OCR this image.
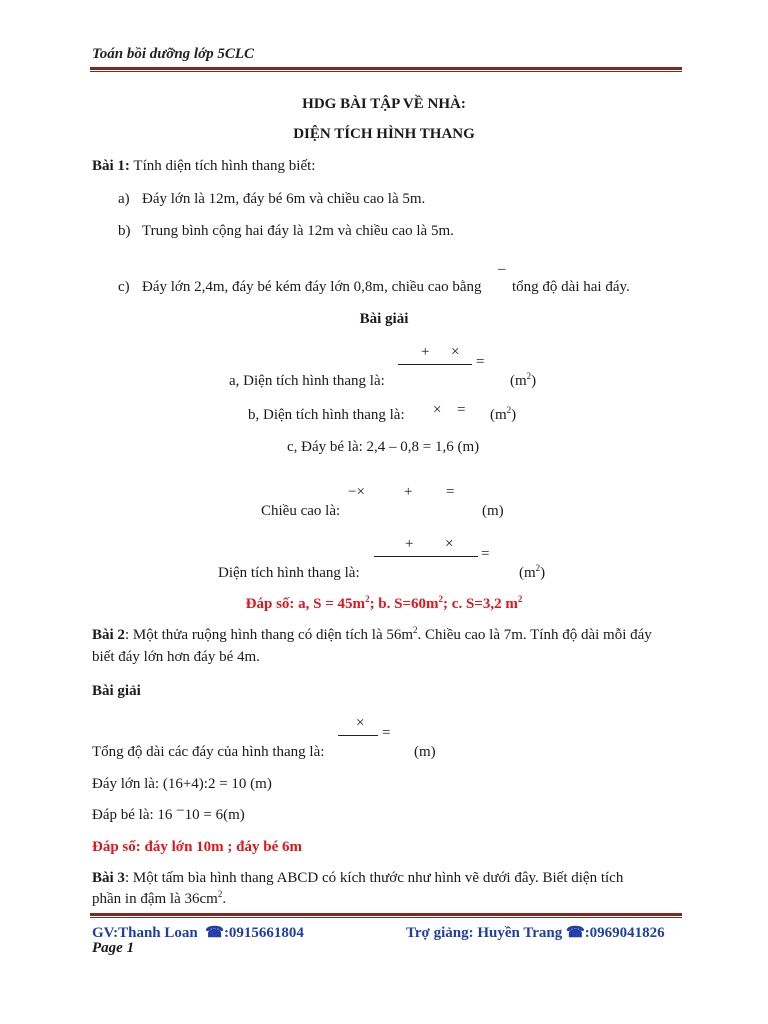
Toán bồi dưỡng lớp 5CLC
HDG BÀI TẬP VỀ NHÀ:
DIỆN TÍCH HÌNH THANG
Bài 1: Tính diện tích hình thang biết:
a) Đáy lớn là 12m, đáy bé 6m và chiều cao là 5m.
b) Trung bình cộng hai đáy là 12m và chiều cao là 5m.
c) Đáy lớn 2,4m, đáy bé kém đáy lớn 0,8m, chiều cao bằng
–
tổng độ dài hai đáy.
Bài giải
+ ×
=
a, Diện tích hình thang là:	$(m^2)$
b, Diện tích hình thang là: × = $(m^2)$
c, Đáy bé là: 2,4 – 0,8 = 1,6 (m)
−×	+ =
Chiều cao là:	(m)
+ ×
=
Diện tích hình thang là:	$(m^2)$
Đáp số: a, $S = 45m^2$; b. $S=60m^2$; c. S=3,2 $m^2$
Bài 2: Một thửa ruộng hình thang có diện tích là $56m^2$. Chiều cao là 7m. Tính độ dài mỗi đáy
biết đáy lớn hơn đáy bé 4m.
Bài giải
×
=
Tổng độ dài các đáy của hình thang là:	(m)
Đáy lớn là: (16+4):2 = 10 (m)
Đáp bé là: 16 −10 = 6(m)
Đáp số: đáy lớn 10m ; đáy bé 6m
Bài 3: Một tấm bìa hình thang ABCD có kích thước như hình vẽ dưới đây. Biết diện tích
phần in đậm là $36cm^2$.
GV:Thanh Loan ☎:0915661804	Trợ giảng: Huyền Trang ☎:0969041826
Page 1
